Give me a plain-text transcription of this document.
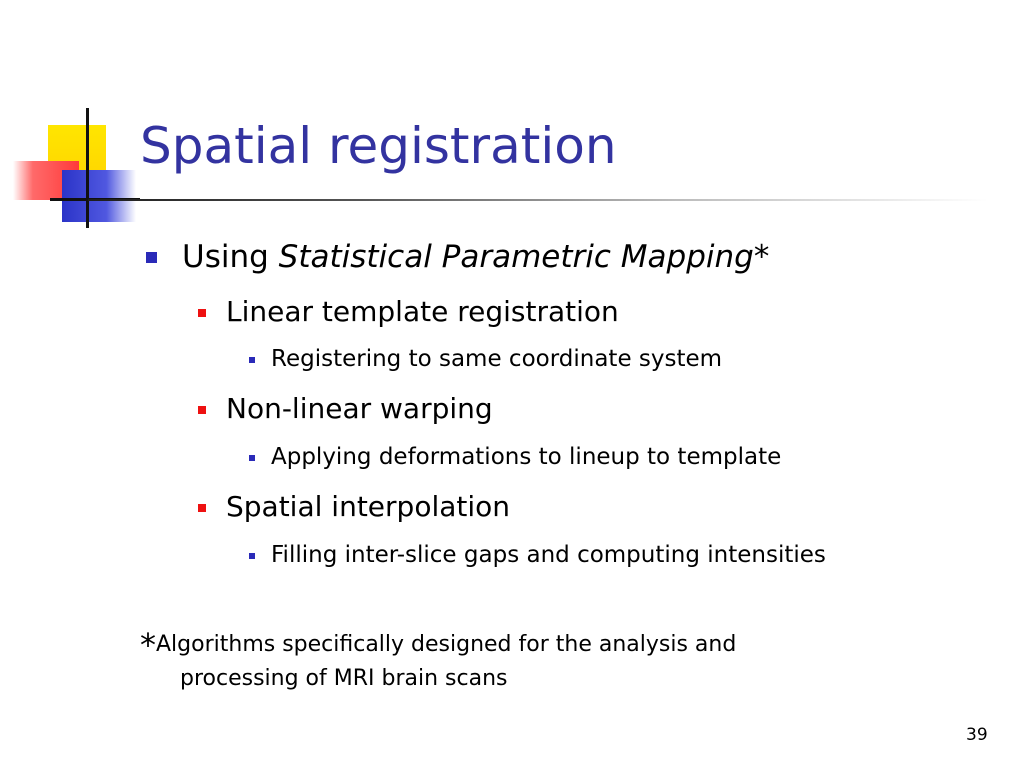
Spatial registration
Using Statistical Parametric Mapping*
Linear template registration
Registering to same coordinate system
Non-linear warping
Applying deformations to lineup to template
Spatial interpolation
Filling inter-slice gaps and computing intensities
*Algorithms specifically designed for the analysis and
processing of MRI brain scans
39
